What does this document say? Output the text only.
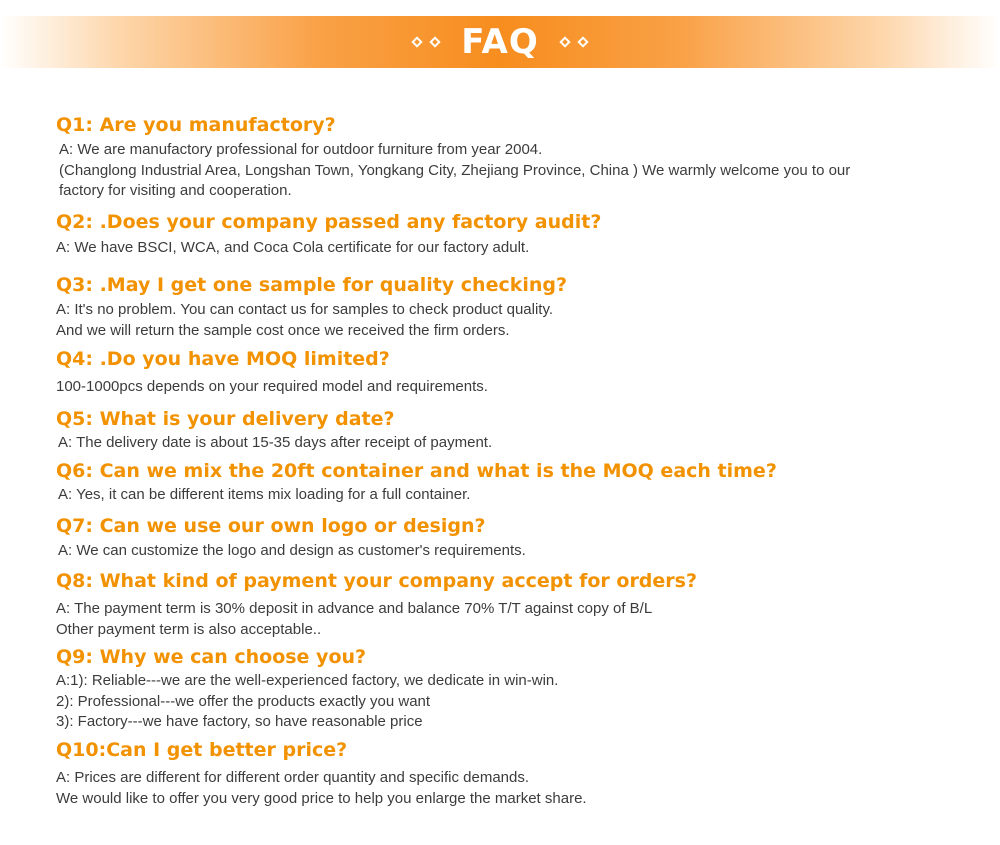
FAQ
Q1: Are you manufactory?
A: We are manufactory professional for outdoor furniture from year 2004.
(Changlong Industrial Area, Longshan Town, Yongkang City, Zhejiang Province, China ) We warmly welcome you to our
factory for visiting and cooperation.
Q2: .Does your company passed any factory audit?
A: We have BSCI, WCA, and Coca Cola certificate for our factory adult.
Q3: .May I get one sample for quality checking?
A: It's no problem. You can contact us for samples to check product quality.
And we will return the sample cost once we received the firm orders.
Q4: .Do you have MOQ limited?
100-1000pcs depends on your required model and requirements.
Q5: What is your delivery date?
A: The delivery date is about 15-35 days after receipt of payment.
Q6: Can we mix the 20ft container and what is the MOQ each time?
A: Yes, it can be different items mix loading for a full container.
Q7: Can we use our own logo or design?
A: We can customize the logo and design as customer's requirements.
Q8: What kind of payment your company accept for orders?
A: The payment term is 30% deposit in advance and balance 70% T/T against copy of B/L
Other payment term is also acceptable..
Q9: Why we can choose you?
A:1): Reliable---we are the well-experienced factory, we dedicate in win-win.
2): Professional---we offer the products exactly you want
3): Factory---we have factory, so have reasonable price
Q10:Can I get better price?
A: Prices are different for different order quantity and specific demands.
We would like to offer you very good price to help you enlarge the market share.
